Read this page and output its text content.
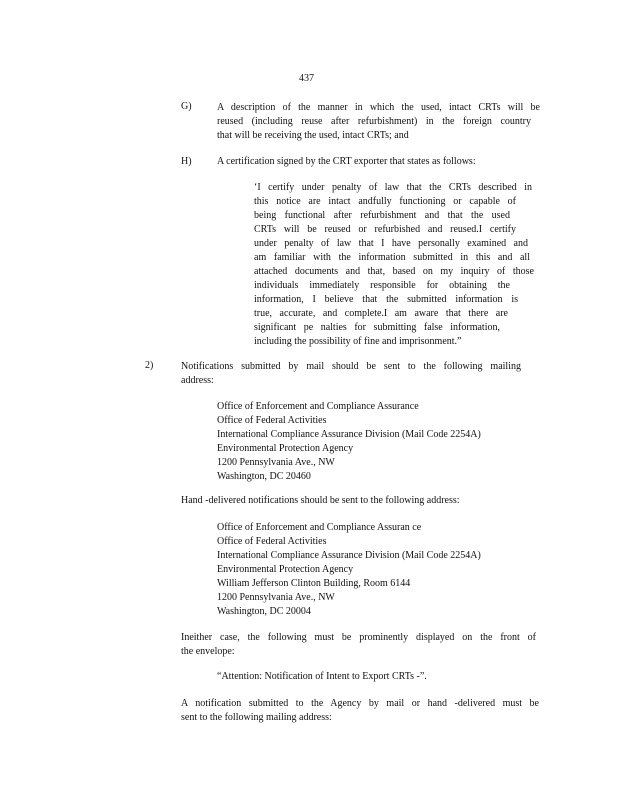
437
G)	A description of the manner in which the used, intact CRTs will be
reused (including reuse after refurbishment) in the foreign country
that will be receiving the used, intact CRTs; and
H)	A certification signed by the CRT exporter that states as follows:
‘I certify under penalty of law that the CRTs described in
this notice are intact andfully functioning or capable of
being functional after refurbishment and that the used
CRTs will be reused or refurbished and reused.I certify
under penalty of law that I have personally examined and
am familiar with the information submitted in this and all
attached documents and that, based on my inquiry of those
individuals immediately responsible for obtaining the
information, I believe that the submitted information is
true, accurate, and complete.I am aware that there are
significant pe nalties for submitting false information,
including the possibility of fine and imprisonment.”
2)	Notifications submitted by mail should be sent to the following mailing
address:
Office of Enforcement and Compliance Assurance
Office of Federal Activities
International Compliance Assurance Division (Mail Code 2254A)
Environmental Protection Agency
1200 Pennsylvania Ave., NW
Washington, DC 20460
Hand -delivered notifications should be sent to the following address:
Office of Enforcement and Compliance Assuran ce
Office of Federal Activities
International Compliance Assurance Division (Mail Code 2254A)
Environmental Protection Agency
William Jefferson Clinton Building, Room 6144
1200 Pennsylvania Ave., NW
Washington, DC 20004
Ineither case, the following must be prominently displayed on the front of
the envelope:
“Attention: Notification of Intent to Export CRTs -”.
A notification submitted to the Agency by mail or hand -delivered must be
sent to the following mailing address:
